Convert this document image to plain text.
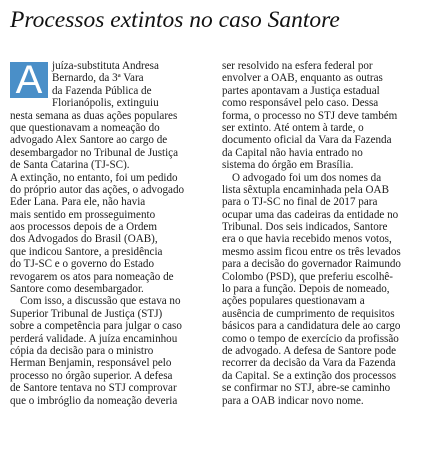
Processos extintos no caso Santore
A juíza-substituta Andresa
Bernardo, da 3ª Vara
da Fazenda Pública de
Florianópolis, extinguiu
nesta semana as duas ações populares
que questionavam a nomeação do
advogado Alex Santore ao cargo de
desembargador no Tribunal de Justiça
de Santa Catarina (TJ-SC).
A extinção, no entanto, foi um pedido
do próprio autor das ações, o advogado
Eder Lana. Para ele, não havia
mais sentido em prosseguimento
aos processos depois de a Ordem
dos Advogados do Brasil (OAB),
que indicou Santore, a presidência
do TJ-SC e o governo do Estado
revogarem os atos para nomeação de
Santore como desembargador.
Com isso, a discussão que estava no
Superior Tribunal de Justiça (STJ)
sobre a competência para julgar o caso
perderá validade. A juíza encaminhou
cópia da decisão para o ministro
Herman Benjamin, responsável pelo
processo no órgão superior. A defesa
de Santore tentava no STJ comprovar
que o imbróglio da nomeação deveria
ser resolvido na esfera federal por
envolver a OAB, enquanto as outras
partes apontavam a Justiça estadual
como responsável pelo caso. Dessa
forma, o processo no STJ deve também
ser extinto. Até ontem à tarde, o
documento oficial da Vara da Fazenda
da Capital não havia entrado no
sistema do órgão em Brasília.
O advogado foi um dos nomes da
lista sêxtupla encaminhada pela OAB
para o TJ-SC no final de 2017 para
ocupar uma das cadeiras da entidade no
Tribunal. Dos seis indicados, Santore
era o que havia recebido menos votos,
mesmo assim ficou entre os três levados
para a decisão do governador Raimundo
Colombo (PSD), que preferiu escolhê-
lo para a função. Depois de nomeado,
ações populares questionavam a
ausência de cumprimento de requisitos
básicos para a candidatura dele ao cargo
como o tempo de exercício da profissão
de advogado. A defesa de Santore pode
recorrer da decisão da Vara da Fazenda
da Capital. Se a extinção dos processos
se confirmar no STJ, abre-se caminho
para a OAB indicar novo nome.
